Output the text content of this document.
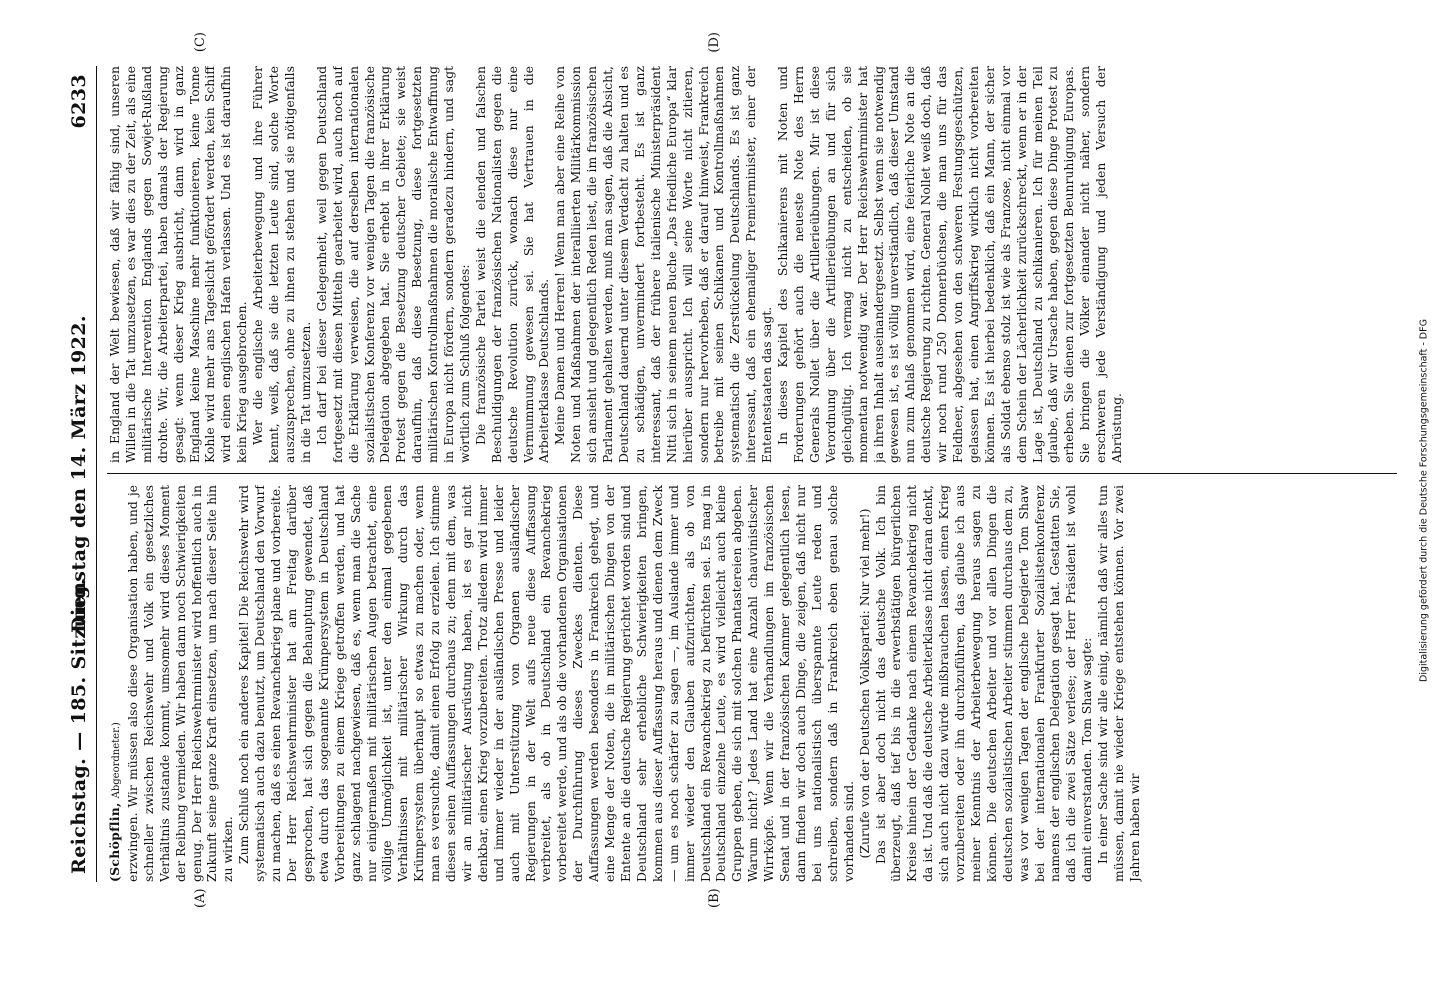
Reichstag. — 185. Sitzung.
Dienstag den 14. März 1922.
6233
(A)	(B)
(C)	(D)

(Schöpflin, Abgeordneter.) erzwingen. Wir müssen also diese Organisation haben, und je schneller zwischen Reichswehr und Volk ein gesetzliches Verhältnis zustande kommt, umsomehr wird dieses Moment der Reibung vermieden. Wir haben dann noch Schwierigkeiten genug. Der Herr Reichswehrminister wird hoffentlich auch in Zukunft seine ganze Kraft einsetzen, um nach dieser Seite hin zu wirken. Zum Schluß noch ein anderes Kapitel! Die Reichswehr wird systematisch auch dazu benutzt, um Deutschland den Vorwurf zu machen, daß es einen Revanchekrieg plane und vorbereite. Der Herr Reichswehrminister hat am Freitag darüber gesprochen, hat sich gegen die Behauptung gewendet, daß etwa durch das sogenannte Krümpersystem in Deutschland Vorbereitungen zu einem Kriege getroffen werden, und hat ganz schlagend nachgewiesen, daß es, wenn man die Sache nur einigermaßen mit militärischen Augen betrachtet, eine völlige Unmöglichkeit ist, unter den einmal gegebenen Verhältnissen mit militärischer Wirkung durch das Krümpersystem überhaupt so etwas zu machen oder, wenn man es versuchte, damit einen Erfolg zu erzielen. Ich stimme diesen seinen Auffassungen durchaus zu; denn mit dem, was wir an militärischer Ausrüstung haben, ist es gar nicht denkbar, einen Krieg vorzubereiten. Trotz alledem wird immer und immer wieder in der ausländischen Presse und leider auch mit Unterstützung von Organen ausländischer Regierungen in der Welt aufs neue diese Auffassung verbreitet, als ob in Deutschland ein Revanchekrieg vorbereitet werde, und als ob die vorhandenen Organisationen der Durchführung dieses Zweckes dienten. Diese Auffassungen werden besonders in Frankreich gehegt, und eine Menge der Noten, die in militärischen Dingen von der Entente an die deutsche Regierung gerichtet worden sind und Deutschland sehr erhebliche Schwierigkeiten bringen, kommen aus dieser Auffassung heraus und dienen dem Zweck — um es noch schärfer zu sagen —, im Auslande immer und immer wieder den Glauben aufzurichten, als ob von Deutschland ein Revanchekrieg zu befürchten sei. Es mag in Deutschland einzelne Leute, es wird vielleicht auch kleine Gruppen geben, die sich mit solchen Phantastereien abgeben. Warum nicht? Jedes Land hat eine Anzahl chauvinistischer Wirrköpfe. Wenn wir die Verhandlungen im französischen Senat und in der französischen Kammer gelegentlich lesen, dann finden wir doch auch Dinge, die zeigen, daß nicht nur bei uns nationalistisch überspannte Leute reden und schreiben, sondern daß in Frankreich eben genau solche vorhanden sind. (Zurufe von der Deutschen Volkspartei: Nur viel mehr!) Das ist aber doch nicht das deutsche Volk. Ich bin überzeugt, daß tief bis in die erwerbstätigen bürgerlichen Kreise hinein der Gedanke nach einem Revanchekrieg nicht da ist. Und daß die deutsche Arbeiterklasse nicht daran denkt, sich auch nicht dazu würde mißbrauchen lassen, einen Krieg vorzubereiten oder ihn durchzuführen, das glaube ich aus meiner Kenntnis der Arbeiterbewegung heraus sagen zu können. Die deutschen Arbeiter und vor allen Dingen die deutschen sozialistischen Arbeiter stimmen durchaus dem zu, was vor wenigen Tagen der englische Delegierte Tom Shaw bei der internationalen Frankfurter Sozialistenkonferenz namens der englischen Delegation gesagt hat. Gestatten Sie, daß ich die zwei Sätze verlese; der Herr Präsident ist wohl damit einverstanden. Tom Shaw sagte: In einer Sache sind wir alle einig, nämlich daß wir alles tun müssen, damit nie wieder Kriege entstehen können. Vor zwei Jahren haben wir

in England der Welt bewiesen, daß wir fähig sind, unseren Willen in die Tat umzusetzen, es war dies zu der Zeit, als eine militärische Intervention Englands gegen Sowjet-Rußland drohte. Wir, die Arbeiterpartei, haben damals der Regierung gesagt: wenn dieser Krieg ausbricht, dann wird in ganz England keine Maschine mehr funktionieren, keine Tonne Kohle wird mehr ans Tageslicht gefördert werden, kein Schiff wird einen englischen Hafen verlassen. Und es ist daraufhin kein Krieg ausgebrochen. Wer die englische Arbeiterbewegung und ihre Führer kennt, weiß, daß sie die letzten Leute sind, solche Worte auszusprechen, ohne zu ihnen zu stehen und sie nötigenfalls in die Tat umzusetzen. Ich darf bei dieser Gelegenheit, weil gegen Deutschland fortgesetzt mit diesen Mitteln gearbeitet wird, auch noch auf die Erklärung verweisen, die auf derselben internationalen sozialistischen Konferenz vor wenigen Tagen die französische Delegation abgegeben hat. Sie erhebt in ihrer Erklärung Protest gegen die Besetzung deutscher Gebiete; sie weist daraufhin, daß diese Besetzung, diese fortgesetzten militärischen Kontrollmaßnahmen die moralische Entwaffnung in Europa nicht fördern, sondern geradezu hindern, und sagt wörtlich zum Schluß folgendes: Die französische Partei weist die elenden und falschen Beschuldigungen der französischen Nationalisten gegen die deutsche Revolution zurück, wonach diese nur eine Vermummung gewesen sei. Sie hat Vertrauen in die Arbeiterklasse Deutschlands. Meine Damen und Herren! Wenn man aber eine Reihe von Noten und Maßnahmen der interalliierten Militärkommission sich ansieht und gelegentlich Reden liest, die im französischen Parlament gehalten werden, muß man sagen, daß die Absicht, Deutschland dauernd unter diesem Verdacht zu halten und es zu schädigen, unvermindert fortbesteht. Es ist ganz interessant, daß der frühere italienische Ministerpräsident Nitti sich in seinem neuen Buche „Das friedliche Europa“ klar hierüber ausspricht. Ich will seine Worte nicht zitieren, sondern nur hervorheben, daß er darauf hinweist, Frankreich betreibe mit seinen Schikanen und Kontrollmaßnahmen systematisch die Zerstückelung Deutschlands. Es ist ganz interessant, daß ein ehemaliger Premierminister, einer der Ententestaaten das sagt. In dieses Kapitel des Schikanierens mit Noten und Forderungen gehört auch die neueste Note des Herrn Generals Nollet über die Artillerieübungen. Mir ist diese Verordnung über die Artillerieübungen an und für sich gleichgültig. Ich vermag nicht zu entscheiden, ob sie momentan notwendig war. Der Herr Reichswehrminister hat ja ihren Inhalt auseinandergesetzt. Selbst wenn sie notwendig gewesen ist, es ist völlig unverständlich, daß dieser Umstand nun zum Anlaß genommen wird, eine feierliche Note an die deutsche Regierung zu richten. General Nollet weiß doch, daß wir noch rund 250 Donnerbüchsen, die man uns für das Feldheer, abgesehen von den schweren Festungsgeschützen, gelassen hat, einen Angriffskrieg wirklich nicht vorbereiten können. Es ist hierbei bedenklich, daß ein Mann, der sicher als Soldat ebenso stolz ist wie als Franzose, nicht einmal vor dem Schein der Lächerlichkeit zurückschreckt, wenn er in der Lage ist, Deutschland zu schikanieren. Ich für meinen Teil glaube, daß wir Ursache haben, gegen diese Dinge Protest zu erheben. Sie dienen zur fortgesetzten Beunruhigung Europas. Sie bringen die Völker einander nicht näher, sondern erschweren jede Verständigung und jeden Versuch der Abrüstung.	Digitalisierung gefördert durch die Deutsche Forschungsgemeinschaft - DFG
